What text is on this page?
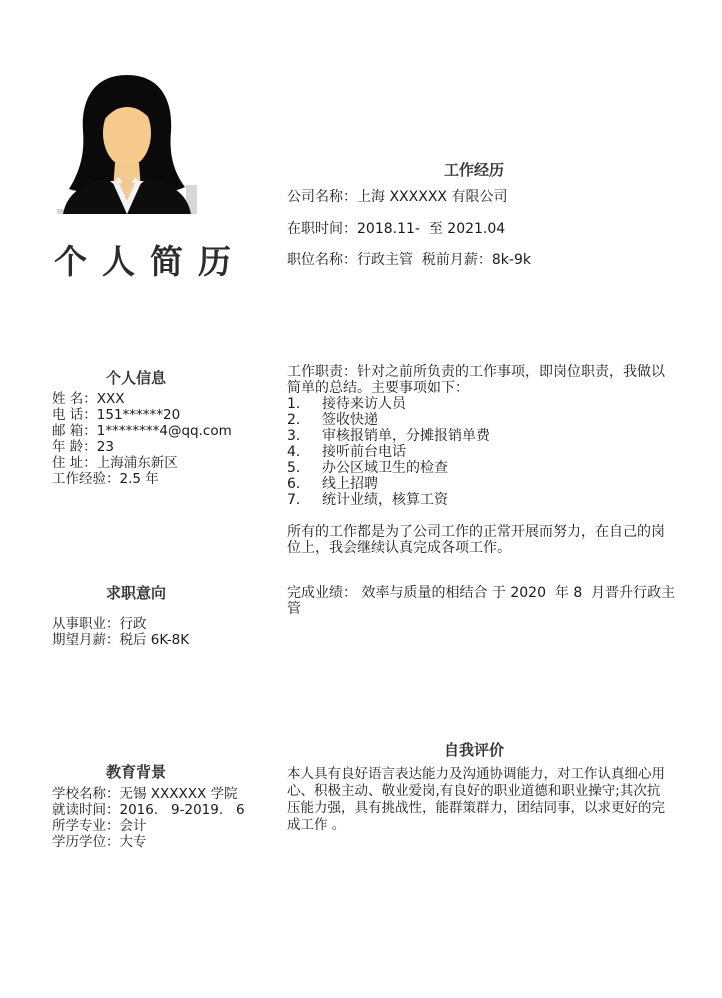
个人简历
个人信息
姓 名：XXX
电 话：151******20
邮 箱：1********4@qq.com
年 龄：23
住 址：上海浦东新区
工作经验：2.5 年
求职意向
从事职业：行政
期望月薪：税后 6K-8K
教育背景
学校名称：无锡 XXXXXX 学院
就读时间：2016.   9-2019.   6
所学专业：会计
学历学位：大专
工作经历
公司名称：上海 XXXXXX 有限公司
在职时间：2018.11-  至 2021.04
职位名称：行政主管  税前月薪：8k-9k
工作职责：针对之前所负责的工作事项，即岗位职责，我做以简单的总结。主要事项如下：
1.	接待来访人员
2.	签收快递
3.	审核报销单，分摊报销单费
4.	接听前台电话
5.	办公区域卫生的检查
6.	线上招聘
7.	统计业绩，核算工资
所有的工作都是为了公司工作的正常开展而努力，在自己的岗位上，我会继续认真完成各项工作。
完成业绩： 效率与质量的相结合 于 2020  年 8  月晋升行政主管
自我评价
本人具有良好语言表达能力及沟通协调能力，对工作认真细心用心、积极主动、敬业爱岗,有良好的职业道德和职业操守;其次抗压能力强，具有挑战性，能群策群力，团结同事，以求更好的完成工作 。
